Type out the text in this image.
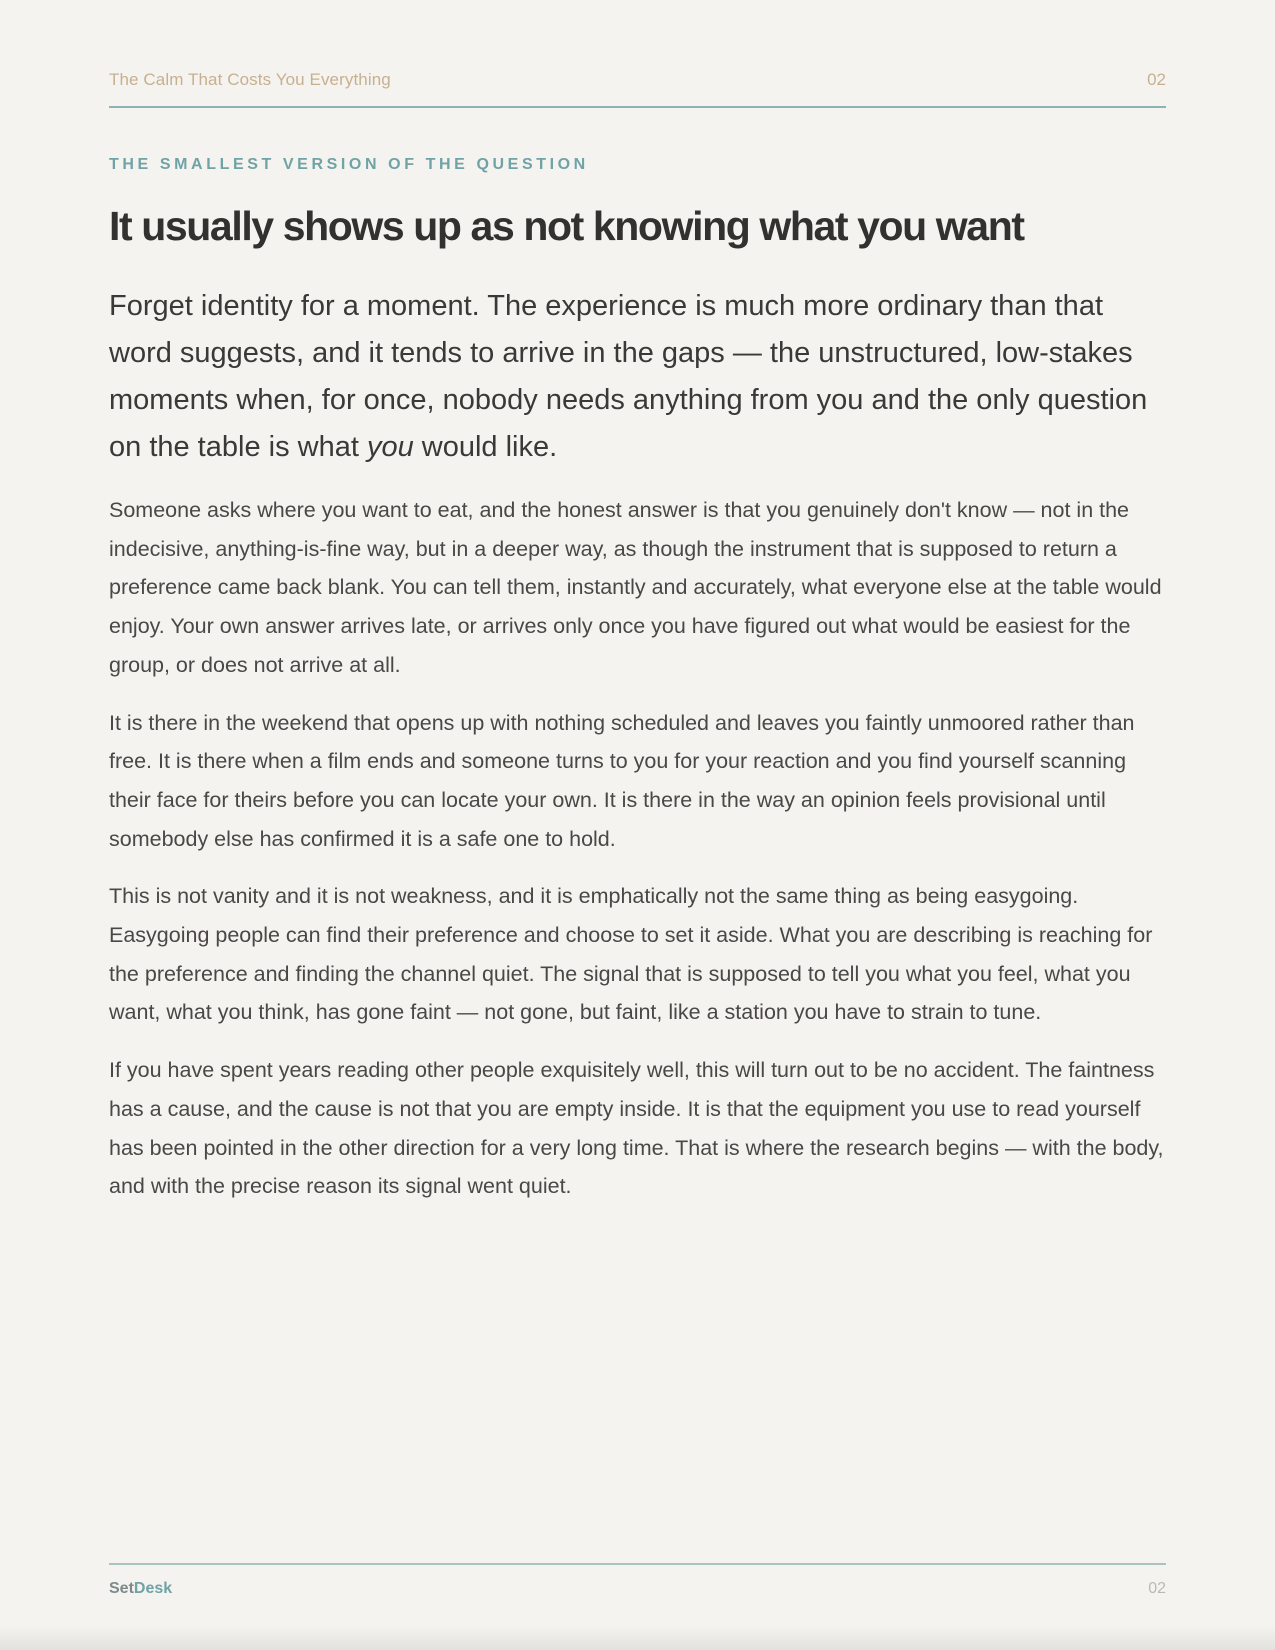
The Calm That Costs You Everything	02
THE SMALLEST VERSION OF THE QUESTION
It usually shows up as not knowing what you want

Forget identity for a moment. The experience is much more ordinary than that word suggests, and it tends to arrive in the gaps — the unstructured, low-stakes moments when, for once, nobody needs anything from you and the only question on the table is what you would like.

Someone asks where you want to eat, and the honest answer is that you genuinely don't know — not in the indecisive, anything-is-fine way, but in a deeper way, as though the instrument that is supposed to return a preference came back blank. You can tell them, instantly and accurately, what everyone else at the table would enjoy. Your own answer arrives late, or arrives only once you have figured out what would be easiest for the group, or does not arrive at all.

It is there in the weekend that opens up with nothing scheduled and leaves you faintly unmoored rather than free. It is there when a film ends and someone turns to you for your reaction and you find yourself scanning their face for theirs before you can locate your own. It is there in the way an opinion feels provisional until somebody else has confirmed it is a safe one to hold.

This is not vanity and it is not weakness, and it is emphatically not the same thing as being easygoing. Easygoing people can find their preference and choose to set it aside. What you are describing is reaching for the preference and finding the channel quiet. The signal that is supposed to tell you what you feel, what you want, what you think, has gone faint — not gone, but faint, like a station you have to strain to tune.

If you have spent years reading other people exquisitely well, this will turn out to be no accident. The faintness has a cause, and the cause is not that you are empty inside. It is that the equipment you use to read yourself has been pointed in the other direction for a very long time. That is where the research begins — with the body, and with the precise reason its signal went quiet.

SetDesk	02
